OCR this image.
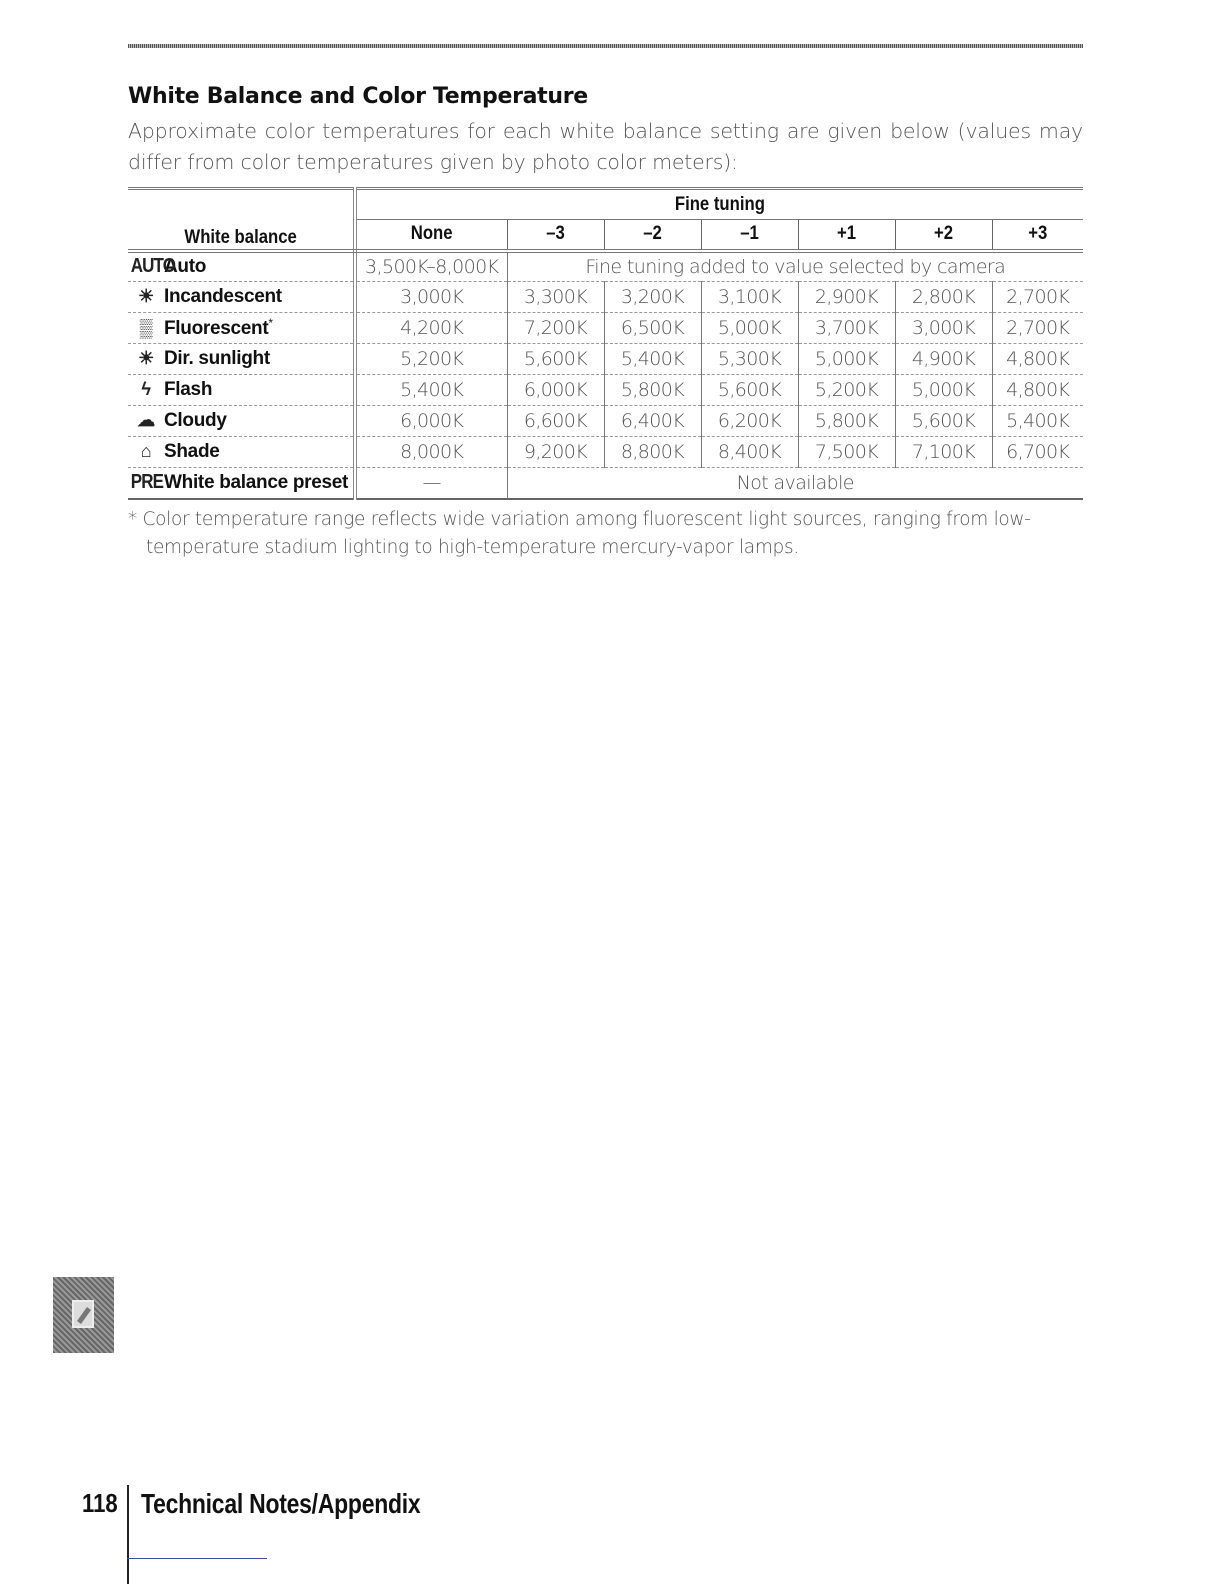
White Balance and Color Temperature

Approximate color temperatures for each white balance setting are given below (values may differ from color temperatures given by photo color meters):

White balance	Fine tuning						
	None	–3	–2	–1	+1	+2	+3
AUTOAuto	3,500K–8,000K	Fine tuning added to value selected by camera					
☀ Incandescent	3,000K	3,300K	3,200K	3,100K	2,900K	2,800K	2,700K
▒ Fluorescent*	4,200K	7,200K	6,500K	5,000K	3,700K	3,000K	2,700K
☀ Dir. sunlight	5,200K	5,600K	5,400K	5,300K	5,000K	4,900K	4,800K
ϟ Flash	5,400K	6,000K	5,800K	5,600K	5,200K	5,000K	4,800K
☁ Cloudy	6,000K	6,600K	6,400K	6,200K	5,800K	5,600K	5,400K
⌂ Shade	8,000K	9,200K	8,800K	8,400K	7,500K	7,100K	6,700K
PREWhite balance preset	—	Not available					

* Color temperature range reflects wide variation among fluorescent light sources, ranging from low-
temperature stadium lighting to high-temperature mercury-vapor lamps.

118 Technical Notes/Appendix
